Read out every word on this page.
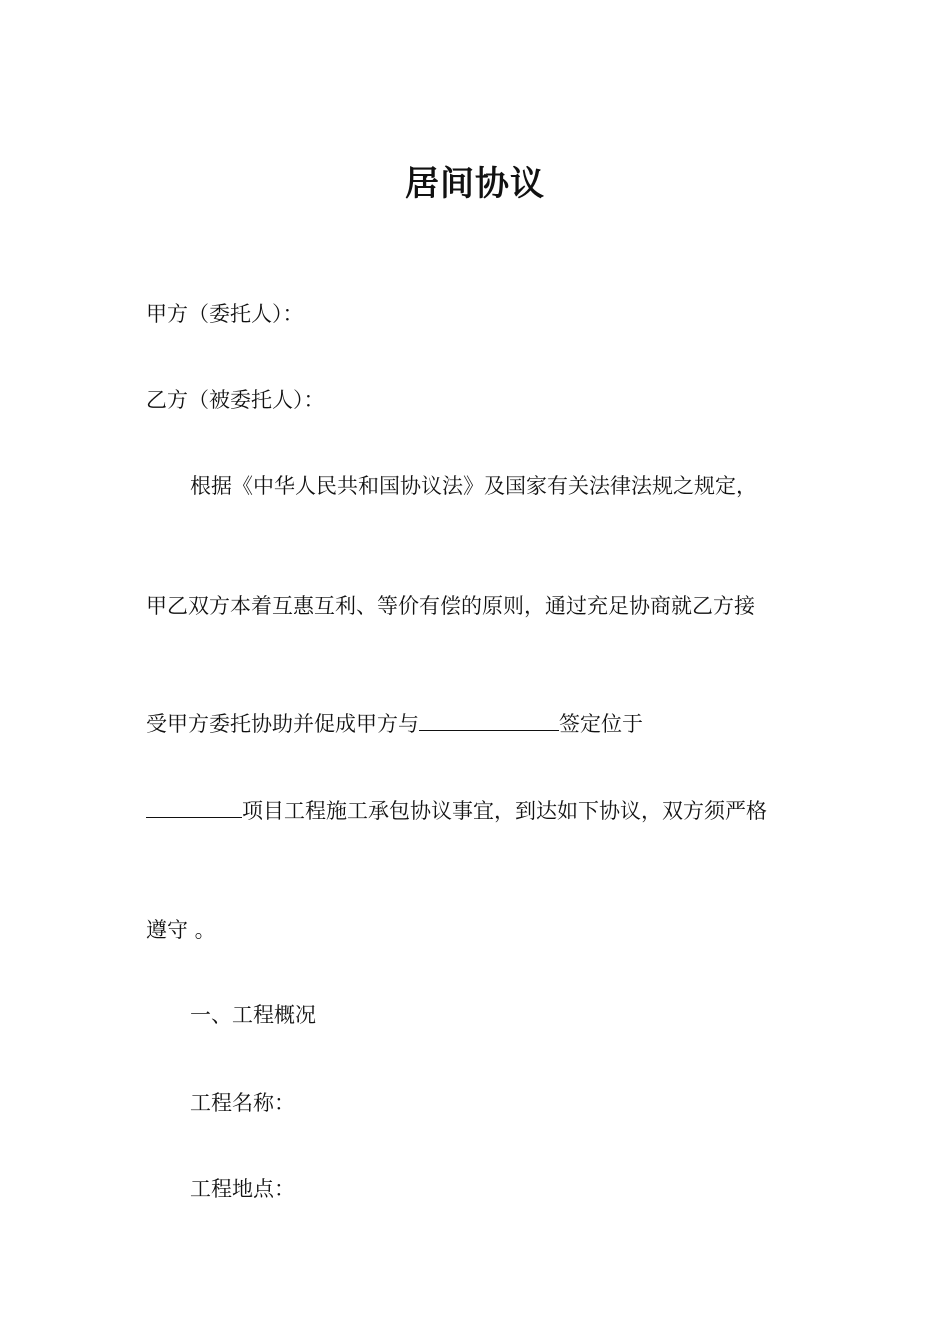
居间协议
甲方（委托人）：
乙方（被委托人）：
根据《中华人民共和国协议法》及国家有关法律法规之规定，
甲乙双方本着互惠互利、等价有偿的原则，通过充足协商就乙方接
受甲方委托协助并促成甲方与	签定位于
项目工程施工承包协议事宜，到达如下协议，双方须严格
遵守 。
一、工程概况
工程名称：
工程地点：
